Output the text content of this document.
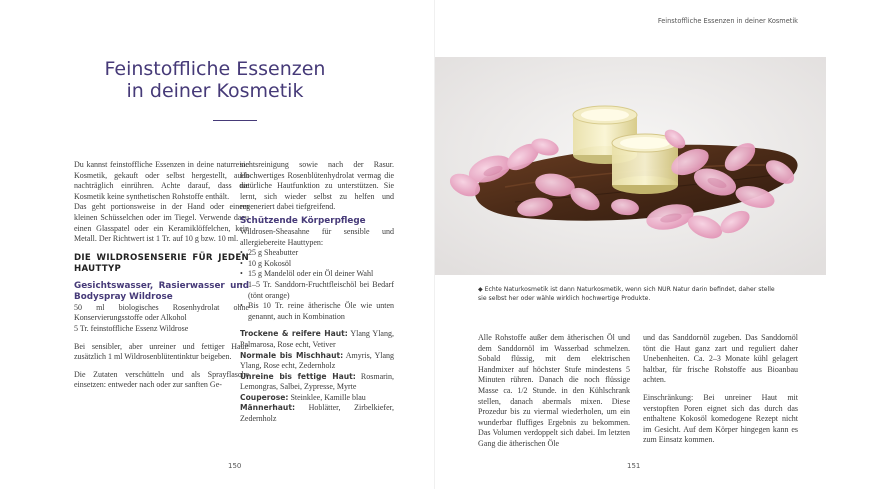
Feinstoffliche Essenzen
in deiner Kosmetik

Du kannst feinstoffliche Essenzen in deine naturreine Kosmetik, gekauft oder selbst hergestellt, auch nachträglich einrühren. Achte darauf, dass die Kosmetik keine synthetischen Rohstoffe enthält.

Das geht portionsweise in der Hand oder einem kleinen Schüsselchen oder im Tiegel. Verwende dazu einen Glasspatel oder ein Keramiklöffelchen, kein Metall. Der Richtwert ist 1 Tr. auf 10 g bzw. 10 ml.

DIE WILDROSENSERIE FÜR JEDEN HAUTTYP
Gesichtswasser, Rasierwasser und Bodyspray Wildrose

50 ml biologisches Rosenhydrolat ohne Konservierungsstoffe oder Alkohol

5 Tr. feinstoffliche Essenz Wildrose

Bei sensibler, aber unreiner und fettiger Haut: zusätzlich 1 ml Wildrosenblütentinktur beigeben.

Die Zutaten verschütteln und als Sprayflasche einsetzen: entweder nach oder zur sanften Ge-

sichtsreinigung sowie nach der Rasur. Hochwertiges Rosenblütenhydrolat vermag die natürliche Hautfunktion zu unterstützen. Sie lernt, sich wieder selbst zu helfen und regeneriert dabei tiefgreifend.

Schützende Körperpflege

Wildrosen-Sheasahne für sensible und allergiebereite Hauttypen:

• 25 g Sheabutter
• 10 g Kokosöl
• 15 g Mandelöl oder ein Öl deiner Wahl
• 1–5 Tr. Sanddorn-Fruchtfleischöl bei Bedarf (tönt orange)
• Bis 10 Tr. reine ätherische Öle wie unten genannt, auch in Kombination

Trockene & reifere Haut: Ylang Ylang, Palmarosa, Rose echt, Vetiver

Normale bis Mischhaut: Amyris, Ylang Ylang, Rose echt, Zedernholz

Unreine bis fettige Haut: Rosmarin, Lemongras, Salbei, Zypresse, Myrte

Couperose: Steinklee, Kamille blau

Männerhaut: Hoblätter, Zirbelkiefer, Zedernholz

150	151
Feinstoffliche Essenzen in deiner Kosmetik
◆ Echte Naturkosmetik ist dann Naturkosmetik, wenn sich NUR Natur darin befindet, daher stelle sie selbst her oder wähle wirklich hochwertige Produkte.

Alle Rohstoffe außer dem ätherischen Öl und dem Sanddornöl im Wasserbad schmelzen. Sobald flüssig, mit dem elektrischen Handmixer auf höchster Stufe mindestens 5 Minuten rühren. Danach die noch flüssige Masse ca. 1/2 Stunde. in den Kühlschrank stellen, danach abermals mixen. Diese Prozedur bis zu viermal wiederholen, um ein wunderbar fluffiges Ergebnis zu bekommen. Das Volumen verdoppelt sich dabei. Im letzten Gang die ätherischen Öle

und das Sanddornöl zugeben. Das Sanddornöl tönt die Haut ganz zart und reguliert daher Unebenheiten. Ca. 2–3 Monate kühl gelagert haltbar, für frische Rohstoffe aus Bioanbau achten.

Einschränkung: Bei unreiner Haut mit verstopften Poren eignet sich das durch das enthaltene Kokosöl komedogene Rezept nicht im Gesicht. Auf dem Körper hingegen kann es zum Einsatz kommen.
